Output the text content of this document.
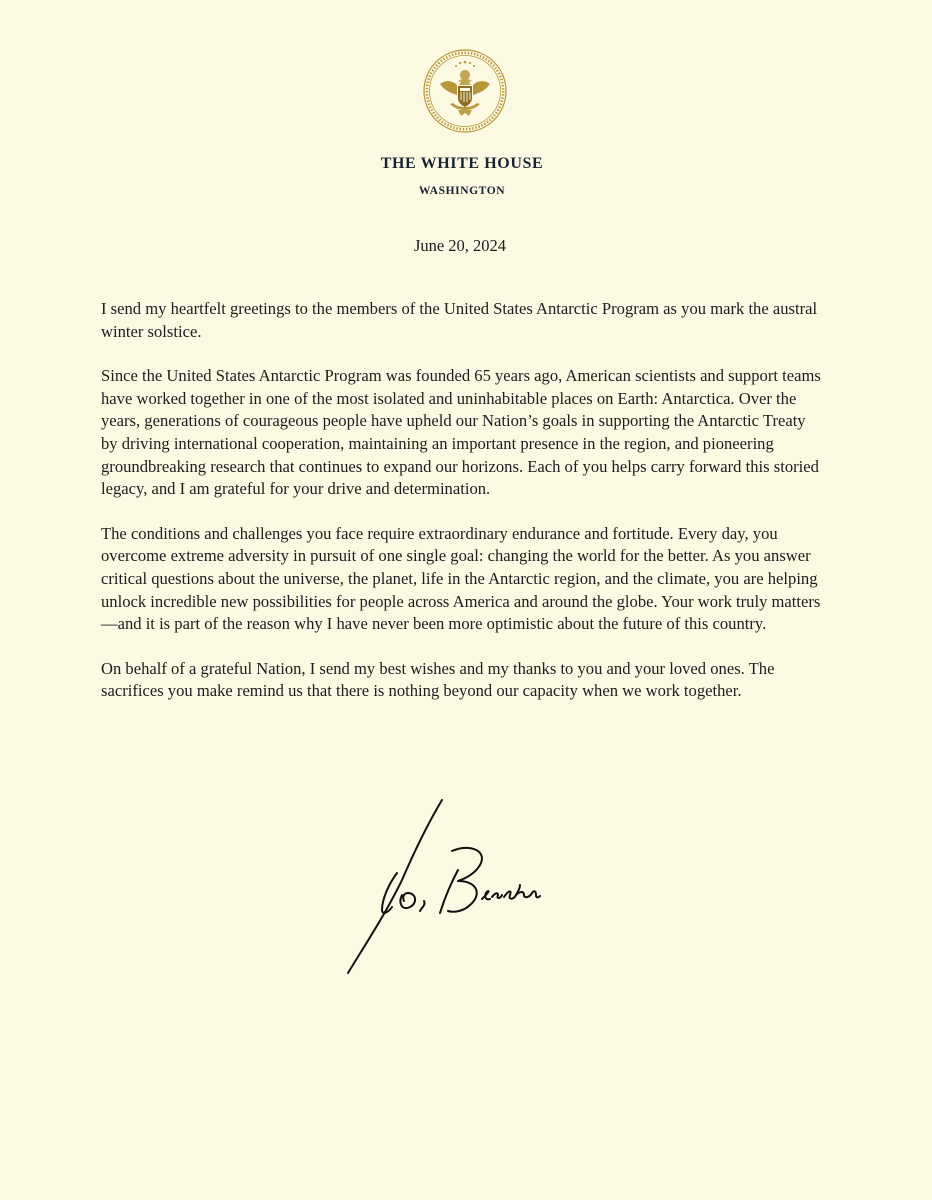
THE WHITE HOUSE
WASHINGTON
June 20, 2024

I send my heartfelt greetings to the members of the United States Antarctic Program as you mark the austral winter solstice.

Since the United States Antarctic Program was founded 65 years ago, American scientists and support teams have worked together in one of the most isolated and uninhabitable places on Earth: Antarctica. Over the years, generations of courageous people have upheld our Nation’s goals in supporting the Antarctic Treaty by driving international cooperation, maintaining an important presence in the region, and pioneering groundbreaking research that continues to expand our horizons. Each of you helps carry forward this storied legacy, and I am grateful for your drive and determination.

The conditions and challenges you face require extraordinary endurance and fortitude. Every day, you overcome extreme adversity in pursuit of one single goal: changing the world for the better. As you answer critical questions about the universe, the planet, life in the Antarctic region, and the climate, you are helping unlock incredible new possibilities for people across America and around the globe. Your work truly matters—and it is part of the reason why I have never been more optimistic about the future of this country.

On behalf of a grateful Nation, I send my best wishes and my thanks to you and your loved ones. The sacrifices you make remind us that there is nothing beyond our capacity when we work together.
